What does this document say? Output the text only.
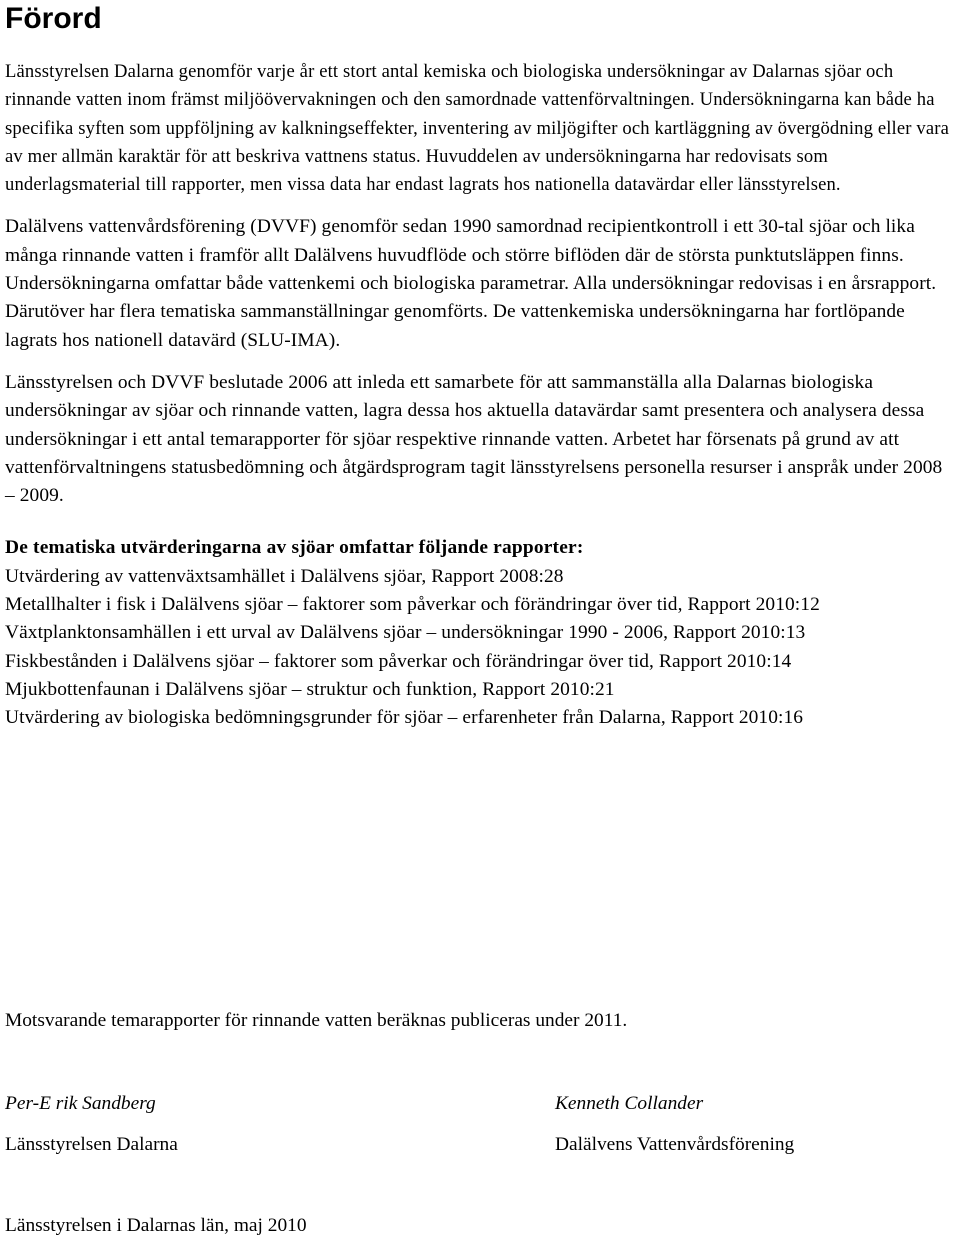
Förord

Länsstyrelsen Dalarna genomför varje år ett stort antal kemiska och biologiska undersökningar av Dalarnas sjöar och rinnande vatten inom främst miljöövervakningen och den samordnade vattenförvaltningen. Undersökningarna kan både ha specifika syften som uppföljning av kalkningseffekter, inventering av miljögifter och kartläggning av övergödning eller vara av mer allmän karaktär för att beskriva vattnens status. Huvuddelen av undersökningarna har redovisats som underlagsmaterial till rapporter, men vissa data har endast lagrats hos nationella datavärdar eller länsstyrelsen.

Dalälvens vattenvårdsförening (DVVF) genomför sedan 1990 samordnad recipientkontroll i ett 30-tal sjöar och lika många rinnande vatten i framför allt Dalälvens huvudflöde och större biflöden där de största punktutsläppen finns. Undersökningarna omfattar både vattenkemi och biologiska parametrar. Alla undersökningar redovisas i en årsrapport. Därutöver har flera tematiska sammanställningar genomförts. De vattenkemiska undersökningarna har fortlöpande lagrats hos nationell datavärd (SLU-IMA).

Länsstyrelsen och DVVF beslutade 2006 att inleda ett samarbete för att sammanställa alla Dalarnas biologiska undersökningar av sjöar och rinnande vatten, lagra dessa hos aktuella datavärdar samt presentera och analysera dessa undersökningar i ett antal temarapporter för sjöar respektive rinnande vatten. Arbetet har försenats på grund av att vattenförvaltningens statusbedömning och åtgärdsprogram tagit länsstyrelsens personella resurser i anspråk under 2008 – 2009.

De tematiska utvärderingarna av sjöar omfattar följande rapporter:

Utvärdering av vattenväxtsamhället i Dalälvens sjöar, Rapport 2008:28

Metallhalter i fisk i Dalälvens sjöar – faktorer som påverkar och förändringar över tid, Rapport 2010:12

Växtplanktonsamhällen i ett urval av Dalälvens sjöar – undersökningar 1990 - 2006, Rapport 2010:13

Fiskbestånden i Dalälvens sjöar – faktorer som påverkar och förändringar över tid, Rapport 2010:14

Mjukbottenfaunan i Dalälvens sjöar – struktur och funktion, Rapport 2010:21

Utvärdering av biologiska bedömningsgrunder för sjöar – erfarenheter från Dalarna, Rapport 2010:16

Motsvarande temarapporter för rinnande vatten beräknas publiceras under 2011.

Per-E rik Sandberg
Länsstyrelsen Dalarna
Kenneth Collander
Dalälvens Vattenvårdsförening

Länsstyrelsen i Dalarnas län, maj 2010
